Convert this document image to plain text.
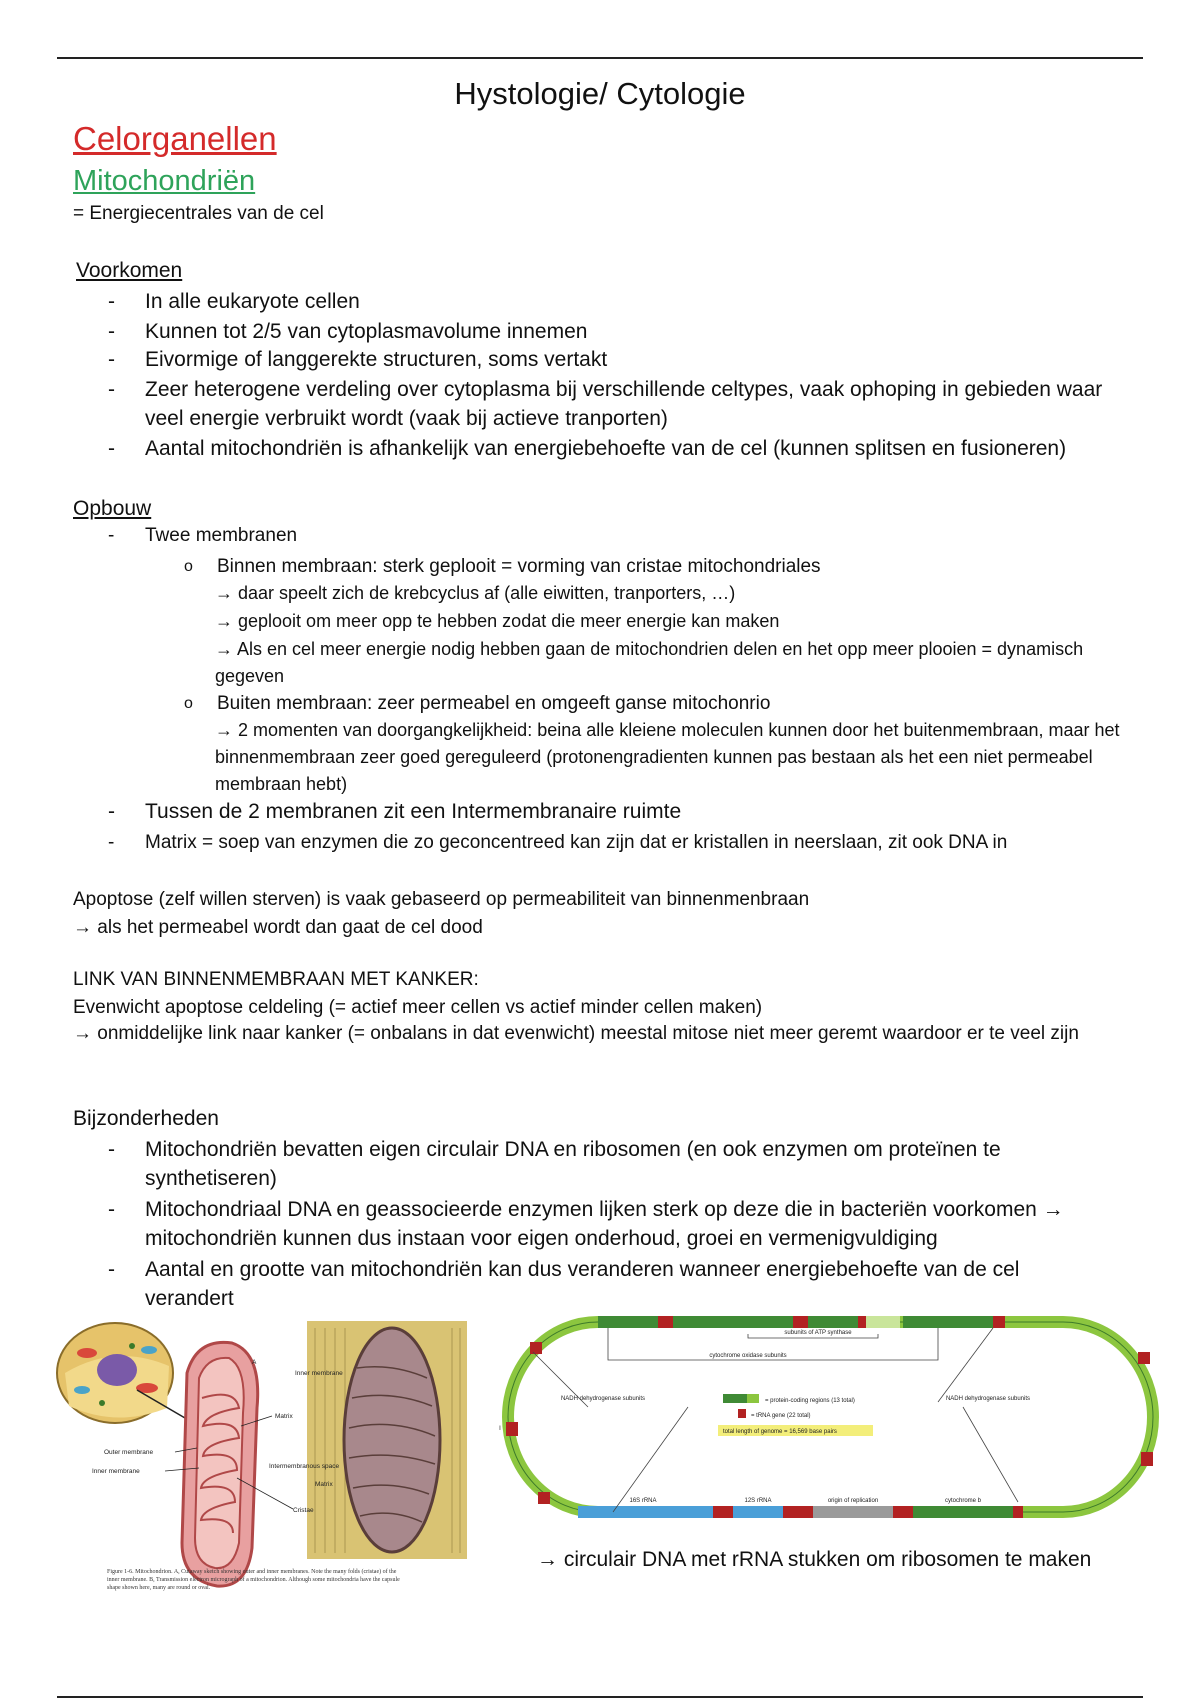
Hystologie/ Cytologie
Celorganellen
Mitochondriën
= Energiecentrales van de cel
Voorkomen
- In alle eukaryote cellen
- Kunnen tot 2/5 van cytoplasmavolume innemen
- Eivormige of langgerekte structuren, soms vertakt
- Zeer heterogene verdeling over cytoplasma bij verschillende celtypes, vaak ophoping in gebieden waar veel energie verbruikt wordt (vaak bij actieve tranporten)
- Aantal mitochondriën is afhankelijk van energiebehoefte van de cel (kunnen splitsen en fusioneren)
Opbouw
- Twee membranen
o Binnen membraan: sterk geplooit = vorming van cristae mitochondriales
→ daar speelt zich de krebcyclus af (alle eiwitten, tranporters, …)
→ geplooit om meer opp te hebben zodat die meer energie kan maken
→ Als en cel meer energie nodig hebben gaan de mitochondrien delen en het opp meer plooien = dynamisch gegeven
o Buiten membraan: zeer permeabel en omgeeft ganse mitochonrio
→ 2 momenten van doorgangkelijkheid: beina alle kleiene moleculen kunnen door het buitenmembraan, maar het binnenmembraan zeer goed gereguleerd (protonengradienten kunnen pas bestaan als het een niet permeabel membraan hebt)
- Tussen de 2 membranen zit een Intermembranaire ruimte
- Matrix = soep van enzymen die zo geconcentreed kan zijn dat er kristallen in neerslaan, zit ook DNA in
Apoptose (zelf willen sterven) is vaak gebaseerd op permeabiliteit van binnenmenbraan
→ als het permeabel wordt dan gaat de cel dood
LINK VAN BINNENMEMBRAAN MET KANKER:
Evenwicht apoptose celdeling (= actief meer cellen vs actief minder cellen maken)
→ onmiddelijke link naar kanker (= onbalans in dat evenwicht) meestal mitose niet meer geremt waardoor er te veel zijn
Bijzonderheden
- Mitochondriën bevatten eigen circulair DNA en ribosomen (en ook enzymen om proteïnen te synthetiseren)
- Mitochondriaal DNA en geassocieerde enzymen lijken sterk op deze die in bacteriën voorkomen → mitochondriën kunnen dus instaan voor eigen onderhoud, groei en vermenigvuldiging
- Aantal en grootte van mitochondriën kan dus veranderen wanneer energiebehoefte van de cel verandert
A
Inner membrane
Matrix
Outer membrane
Inner membrane
Intermembranous space
Cristae
Matrix
Figure 1-6. Mitochondrion. A, Cutaway sketch showing outer and inner membranes. Note the many folds (cristae) of the inner membrane. B, Transmission electron micrograph of a mitochondrion. Although some mitochondria have the capsule shape shown here, many are round or oval.
subunits of ATP synthase
cytochrome oxidase subunits
NADH dehydrogenase subunits	NADH dehydrogenase subunits
16S rRNA	12S rRNA	origin of replication	cytochrome b
I
= protein-coding regions (13 total)
= tRNA gene (22 total)
total length of genome = 16,569 base pairs
→ circulair DNA met rRNA stukken om ribosomen te maken
